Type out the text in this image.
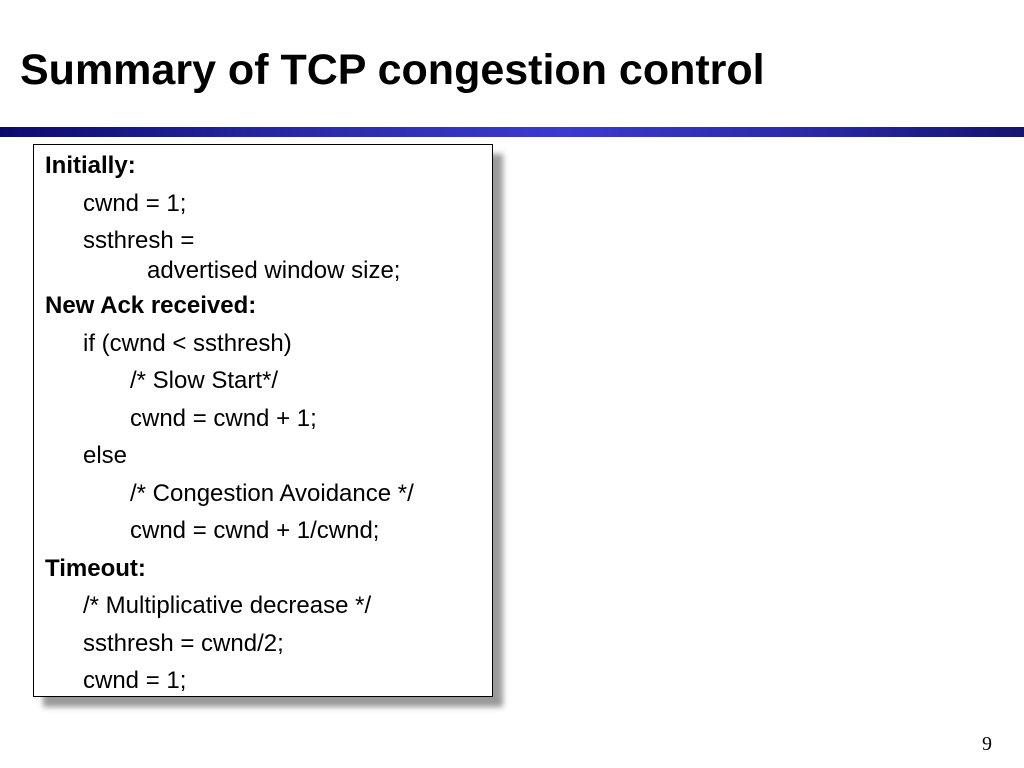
Summary of TCP congestion control
Initially:
cwnd = 1;
ssthresh =
advertised window size;
New Ack received:
if (cwnd < ssthresh)
/* Slow Start*/
cwnd = cwnd + 1;
else
/* Congestion Avoidance */
cwnd = cwnd + 1/cwnd;
Timeout:
/* Multiplicative decrease */
ssthresh = cwnd/2;
cwnd = 1;
9
